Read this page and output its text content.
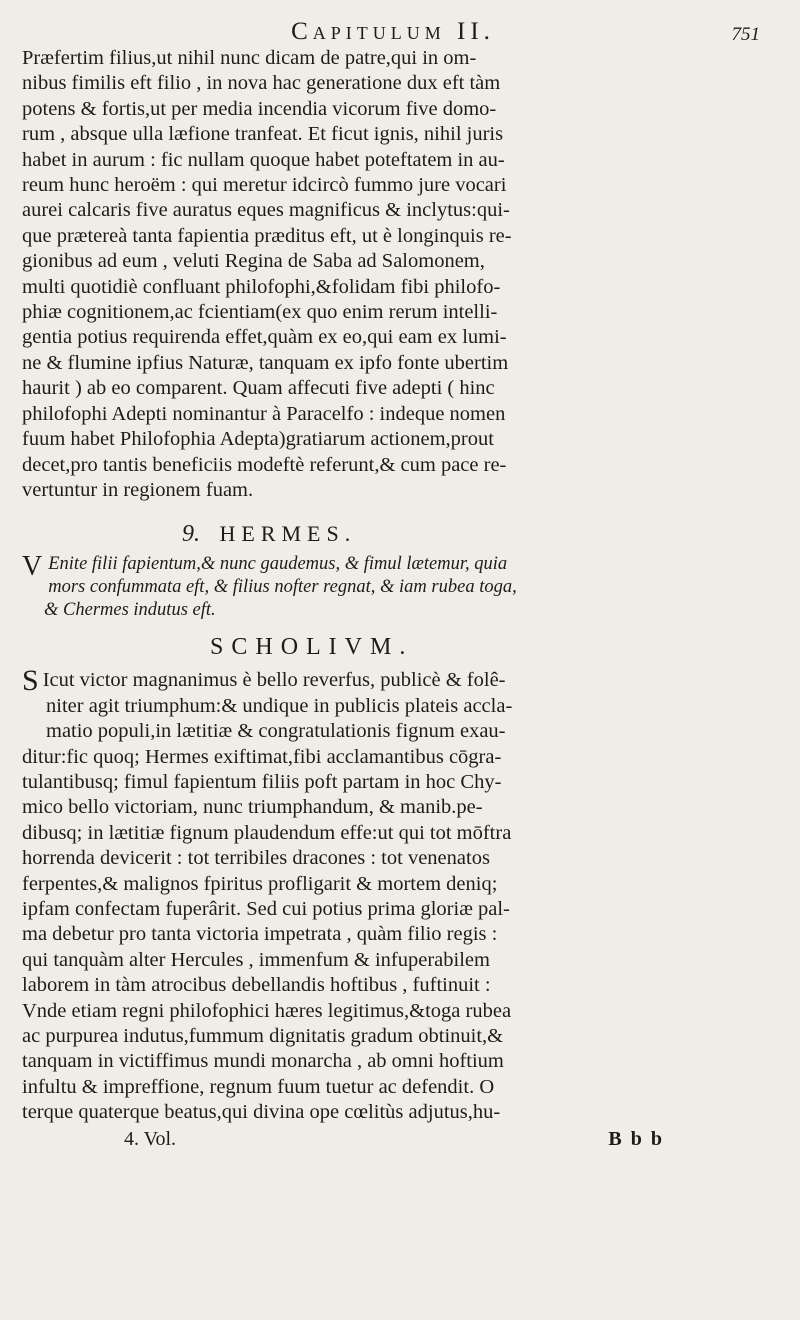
Capitulum II.	751
Præfertim filius,ut nihil nunc dicam de patre,qui in om-
nibus fimilis eft filio , in nova hac generatione dux eft tàm
potens & fortis,ut per media incendia vicorum five domo-
rum , absque ulla læfione tranfeat. Et ficut ignis, nihil juris
habet in aurum : fic nullam quoque habet poteftatem in au-
reum hunc heroëm : qui meretur idcircò fummo jure vocari
aurei calcaris five auratus eques magnificus & inclytus:qui-
que prætereà tanta fapientia præditus eft, ut è longinquis re-
gionibus ad eum , veluti Regina de Saba ad Salomonem,
multi quotidiè confluant philofophi,&folidam fibi philofo-
phiæ cognitionem,ac fcientiam(ex quo enim rerum intelli-
gentia potius requirenda effet,quàm ex eo,qui eam ex lumi-
ne & flumine ipfius Naturæ, tanquam ex ipfo fonte ubertim
haurit ) ab eo comparent. Quam affecuti five adepti ( hinc
philofophi Adepti nominantur à Paracelfo : indeque nomen
fuum habet Philofophia Adepta)gratiarum actionem,prout
decet,pro tantis beneficiis modeftè referunt,& cum pace re-
vertuntur in regionem fuam.
9. HERMES.
V Enite filii fapientum,& nunc gaudemus, & fimul lætemur, quia
mors confummata eft, & filius nofter regnat, & iam rubea toga,
& Chermes indutus eft.
SCHOLIVM.
S Icut victor magnanimus è bello reverfus, publicè & folê-
niter agit triumphum:& undique in publicis plateis accla-
matio populi,in lætitiæ & congratulationis fignum exau-
ditur:fic quoq; Hermes exiftimat,fibi acclamantibus cōgra-
tulantibusq; fimul fapientum filiis poft partam in hoc Chy-
mico bello victoriam, nunc triumphandum, & manib.pe-
dibusq; in lætitiæ fignum plaudendum effe:ut qui tot mōftra
horrenda devicerit : tot terribiles dracones : tot venenatos
ferpentes,& malignos fpiritus profligarit & mortem deniq;
ipfam confectam fuperârit. Sed cui potius prima gloriæ pal-
ma debetur pro tanta victoria impetrata , quàm filio regis :
qui tanquàm alter Hercules , immenfum & infuperabilem
laborem in tàm atrocibus debellandis hoftibus , fuftinuit :
Vnde etiam regni philofophici hæres legitimus,&toga rubea
ac purpurea indutus,fummum dignitatis gradum obtinuit,&
tanquam in victiffimus mundi monarcha , ab omni hoftium
infultu & impreffione, regnum fuum tuetur ac defendit. O
terque quaterque beatus,qui divina ope cœlitùs adjutus,hu-
4. Vol.	B b b
